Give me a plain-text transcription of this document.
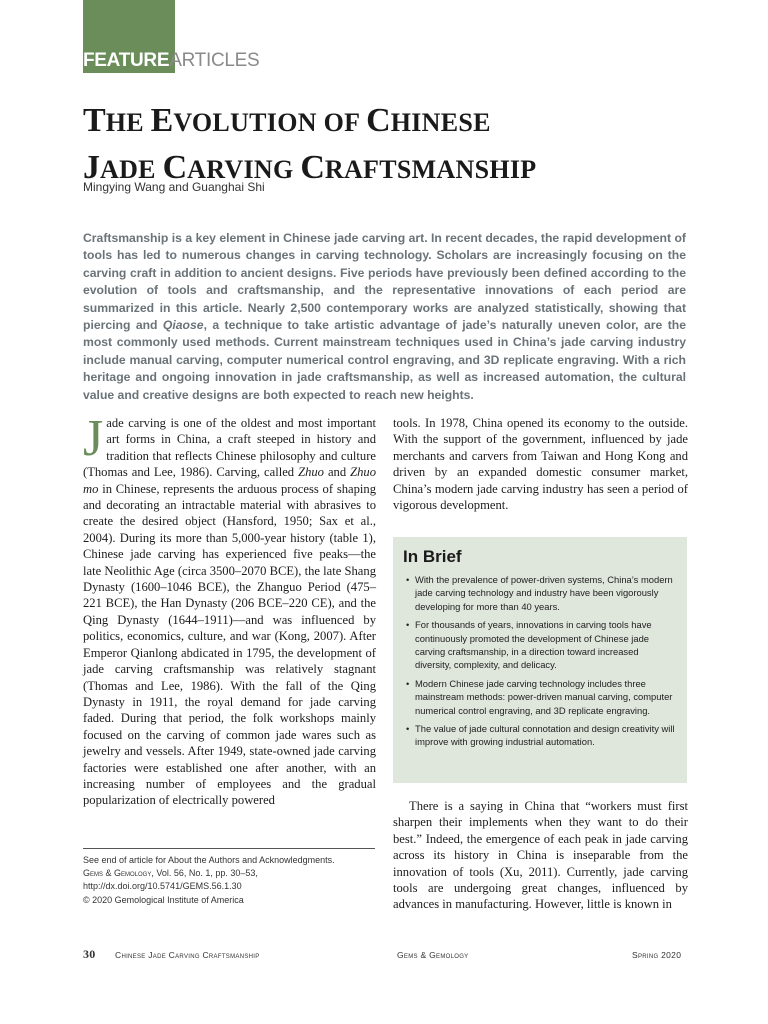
FEATUREARTICLES
THE EVOLUTION OF CHINESE
JADE CARVING CRAFTSMANSHIP
Mingying Wang and Guanghai Shi

Craftsmanship is a key element in Chinese jade carving art. In recent decades, the rapid development of tools has led to numerous changes in carving technology. Scholars are increasingly focusing on the carving craft in addition to ancient designs. Five periods have previously been defined according to the evolution of tools and craftsmanship, and the representative innovations of each period are summarized in this article. Nearly 2,500 contemporary works are analyzed statistically, showing that piercing and Qiaose, a technique to take artistic advantage of jade’s naturally uneven color, are the most commonly used methods. Current mainstream techniques used in China’s jade carving industry include manual carving, computer numerical control engraving, and 3D replicate engraving. With a rich heritage and ongoing innovation in jade craftsmanship, as well as increased automation, the cultural value and creative designs are both expected to reach new heights.

Jade carving is one of the oldest and most important art forms in China, a craft steeped in history and tradition that reflects Chinese philosophy and culture (Thomas and Lee, 1986). Carving, called Zhuo and Zhuo mo in Chinese, represents the arduous process of shaping and decorating an intractable material with abrasives to create the desired object (Hansford, 1950; Sax et al., 2004). During its more than 5,000-year history (table 1), Chinese jade carving has experienced five peaks—the late Neolithic Age (circa 3500–2070 BCE), the late Shang Dynasty (1600–1046 BCE), the Zhanguo Period (475–221 BCE), the Han Dynasty (206 BCE–220 CE), and the Qing Dynasty (1644–1911)—and was influenced by politics, economics, culture, and war (Kong, 2007). After Emperor Qianlong abdicated in 1795, the development of jade carving craftsmanship was relatively stagnant (Thomas and Lee, 1986). With the fall of the Qing Dynasty in 1911, the royal demand for jade carving faded. During that period, the folk workshops mainly focused on the carving of common jade wares such as jewelry and vessels. After 1949, state-owned jade carving factories were established one after another, with an increasing number of employees and the gradual popularization of electrically powered

tools. In 1978, China opened its economy to the outside. With the support of the government, influenced by jade merchants and carvers from Taiwan and Hong Kong and driven by an expanded domestic consumer market, China’s modern jade carving industry has seen a period of vigorous development.

In Brief
• With the prevalence of power-driven systems, China’s modern jade carving technology and industry have been vigorously developing for more than 40 years.
• For thousands of years, innovations in carving tools have continuously promoted the development of Chinese jade carving craftsmanship, in a direction toward increased diversity, complexity, and delicacy.
• Modern Chinese jade carving technology includes three mainstream methods: power-driven manual carving, computer numerical control engraving, and 3D replicate engraving.
• The value of jade cultural connotation and design creativity will improve with growing industrial automation.

There is a saying in China that “workers must first sharpen their implements when they want to do their best.” Indeed, the emergence of each peak in jade carving across its history in China is inseparable from the innovation of tools (Xu, 2011). Currently, jade carving tools are undergoing great changes, influenced by advances in manufacturing. However, little is known in

See end of article for About the Authors and Acknowledgments.
Gems & Gemology, Vol. 56, No. 1, pp. 30–53,
http://dx.doi.org/10.5741/GEMS.56.1.30
© 2020 Gemological Institute of America
30 Chinese Jade Carving Craftsmanship	Gems & Gemology	Spring 2020
